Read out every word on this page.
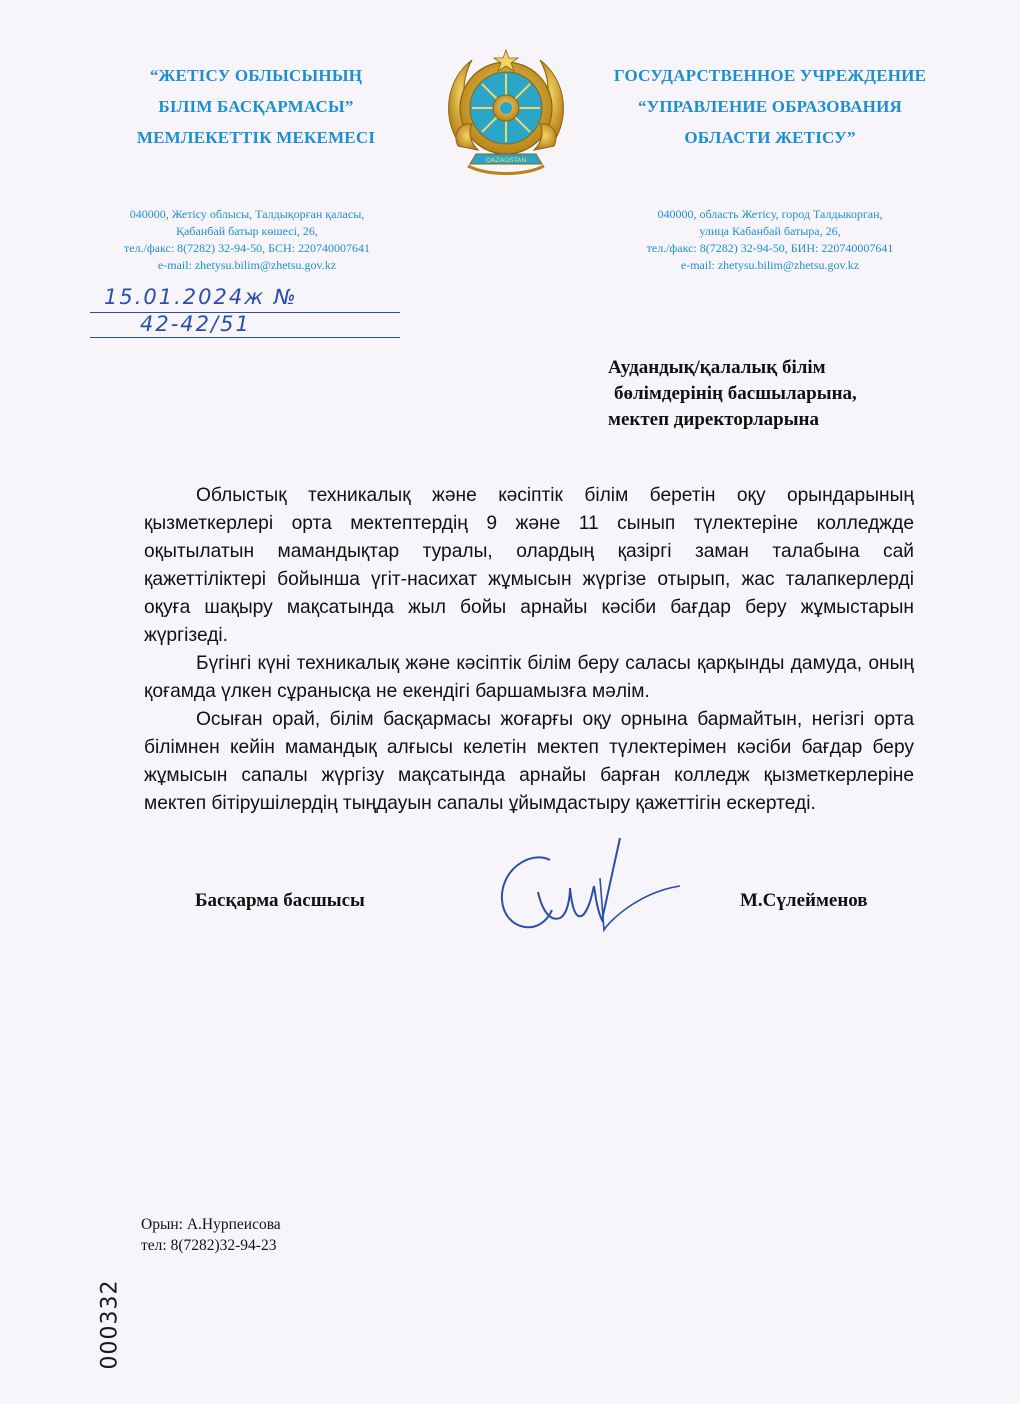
“ЖЕТІСУ ОБЛЫСЫНЫҢ
БІЛІМ БАСҚАРМАСЫ”
МЕМЛЕКЕТТІК МЕКЕМЕСІ
QAZAQSTAN
ГОСУДАРСТВЕННОЕ УЧРЕЖДЕНИЕ
“УПРАВЛЕНИЕ ОБРАЗОВАНИЯ
ОБЛАСТИ ЖЕТІСУ”
040000, Жетісу облысы, Талдықорған қаласы,
Қабанбай батыр көшесі, 26,
тел./факс: 8(7282) 32-94-50, БСН: 220740007641
e-mail: zhetysu.bilim@zhetsu.gov.kz
040000, область Жетісу, город Талдыкорган,
улица Кабанбай батыра, 26,
тел./факс: 8(7282) 32-94-50, БИН: 220740007641
e-mail: zhetysu.bilim@zhetsu.gov.kz
15.01.2024ж №
42-42/51
Аудандық/қалалық білім
бөлімдерінің басшыларына,
мектеп директорларына

Облыстық техникалық және кәсіптік білім беретін оқу орындарының қызметкерлері орта мектептердің 9 және 11 сынып түлектеріне колледжде оқытылатын мамандықтар туралы, олардың қазіргі заман талабына сай қажеттіліктері бойынша үгіт-насихат жұмысын жүргізе отырып, жас талапкерлерді оқуға шақыру мақсатында жыл бойы арнайы кәсіби бағдар беру жұмыстарын жүргізеді.

Бүгінгі күні техникалық және кәсіптік білім беру саласы қарқынды дамуда, оның қоғамда үлкен сұранысқа не екендігі баршамызға мәлім.

Осыған орай, білім басқармасы жоғарғы оқу орнына бармайтын, негізгі орта білімнен кейін мамандық алғысы келетін мектеп түлектерімен кәсіби бағдар беру жұмысын сапалы жүргізу мақсатында арнайы барған колледж қызметкерлеріне мектеп бітірушілердің тыңдауын сапалы ұйымдастыру қажеттігін ескертеді.

Басқарма басшысы	М.Сүлейменов
Орын: А.Нурпеисова
тел: 8(7282)32-94-23
000332
